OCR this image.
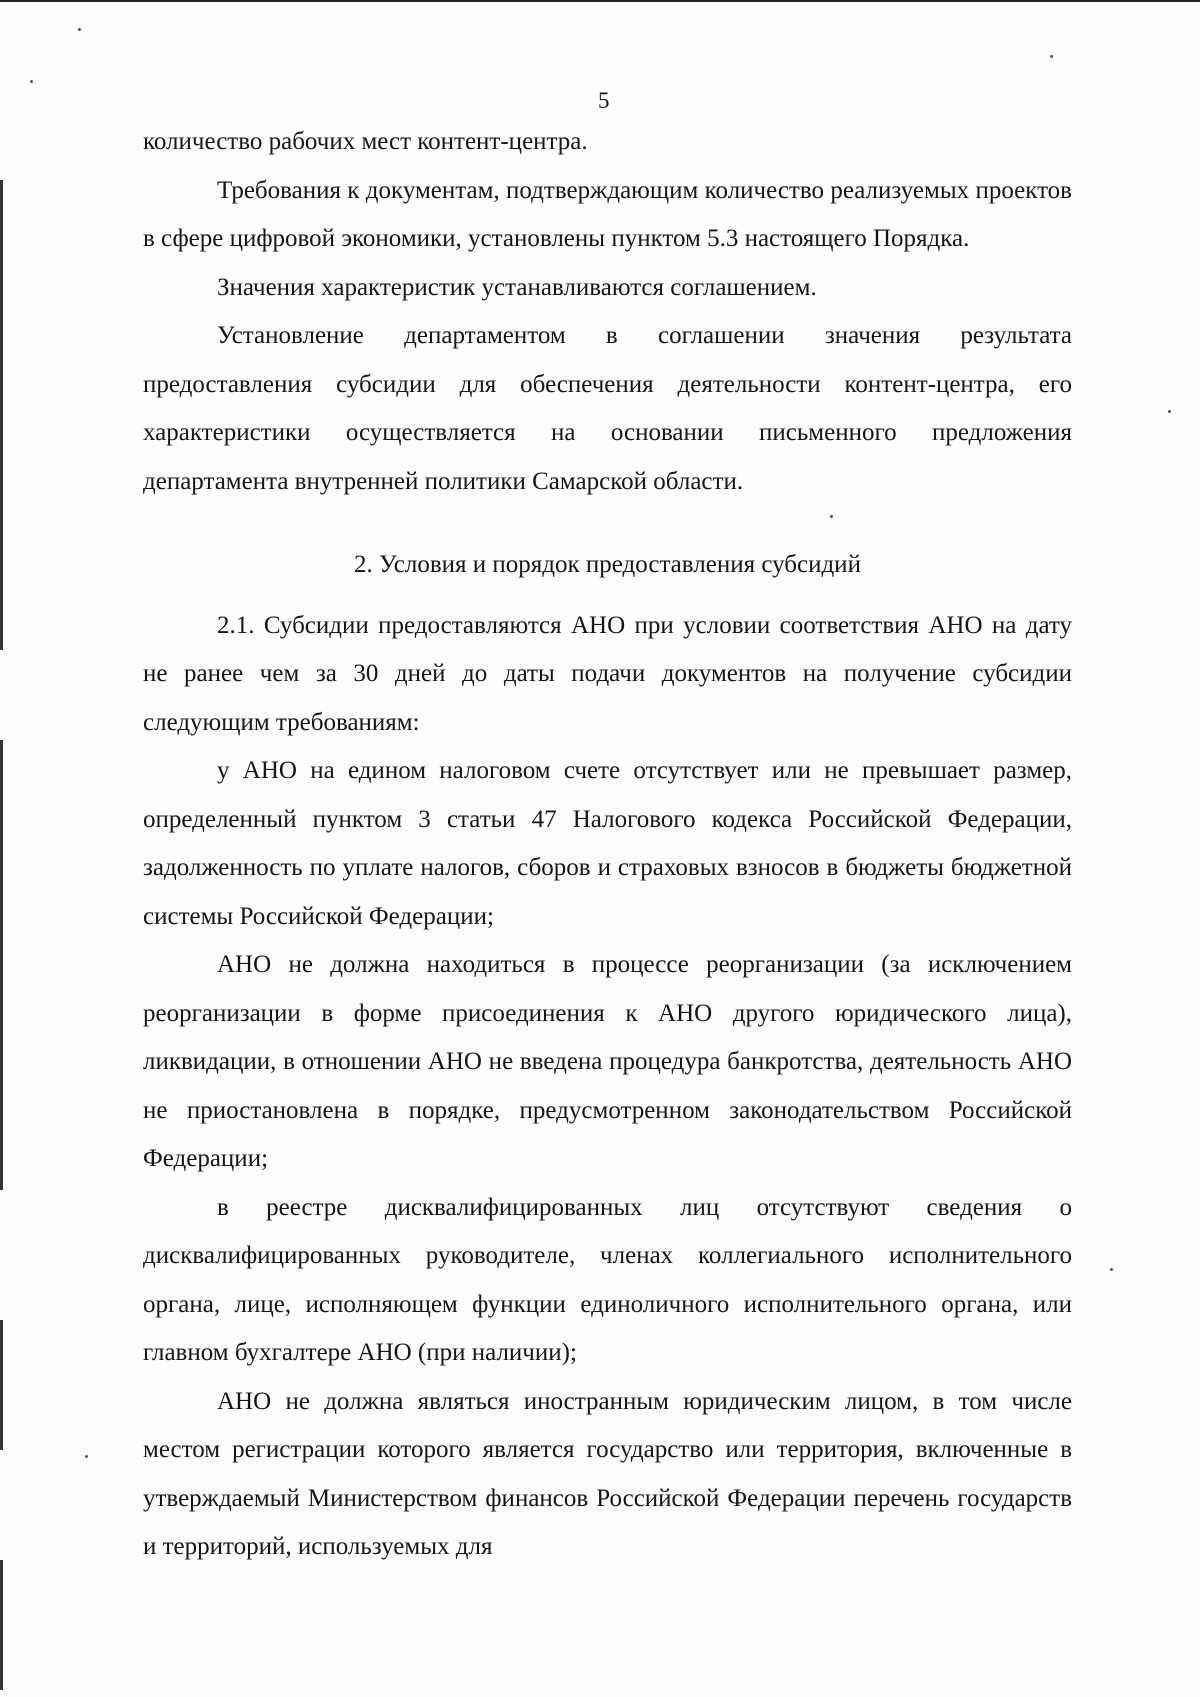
5

количество рабочих мест контент-центра.

Требования к документам, подтверждающим количество реализуемых проектов в сфере цифровой экономики, установлены пунктом 5.3 настоящего Порядка.

Значения характеристик устанавливаются соглашением.

Установление департаментом в соглашении значения результата предоставления субсидии для обеспечения деятельности контент-центра, его характеристики осуществляется на основании письменного предложения департамента внутренней политики Самарской области.

2. Условия и порядок предоставления субсидий

2.1. Субсидии предоставляются АНО при условии соответствия АНО на дату не ранее чем за 30 дней до даты подачи документов на получение субсидии следующим требованиям:

у АНО на едином налоговом счете отсутствует или не превышает размер, определенный пунктом 3 статьи 47 Налогового кодекса Российской Федерации, задолженность по уплате налогов, сборов и страховых взносов в бюджеты бюджетной системы Российской Федерации;

АНО не должна находиться в процессе реорганизации (за исключением реорганизации в форме присоединения к АНО другого юридического лица), ликвидации, в отношении АНО не введена процедура банкротства, деятельность АНО не приостановлена в порядке, предусмотренном законодательством Российской Федерации;

в реестре дисквалифицированных лиц отсутствуют сведения о дисквалифицированных руководителе, членах коллегиального исполнительного органа, лице, исполняющем функции единоличного исполнительного органа, или главном бухгалтере АНО (при наличии);

АНО не должна являться иностранным юридическим лицом, в том числе местом регистрации которого является государство или территория, включенные в утверждаемый Министерством финансов Российской Федерации перечень государств и территорий, используемых для
